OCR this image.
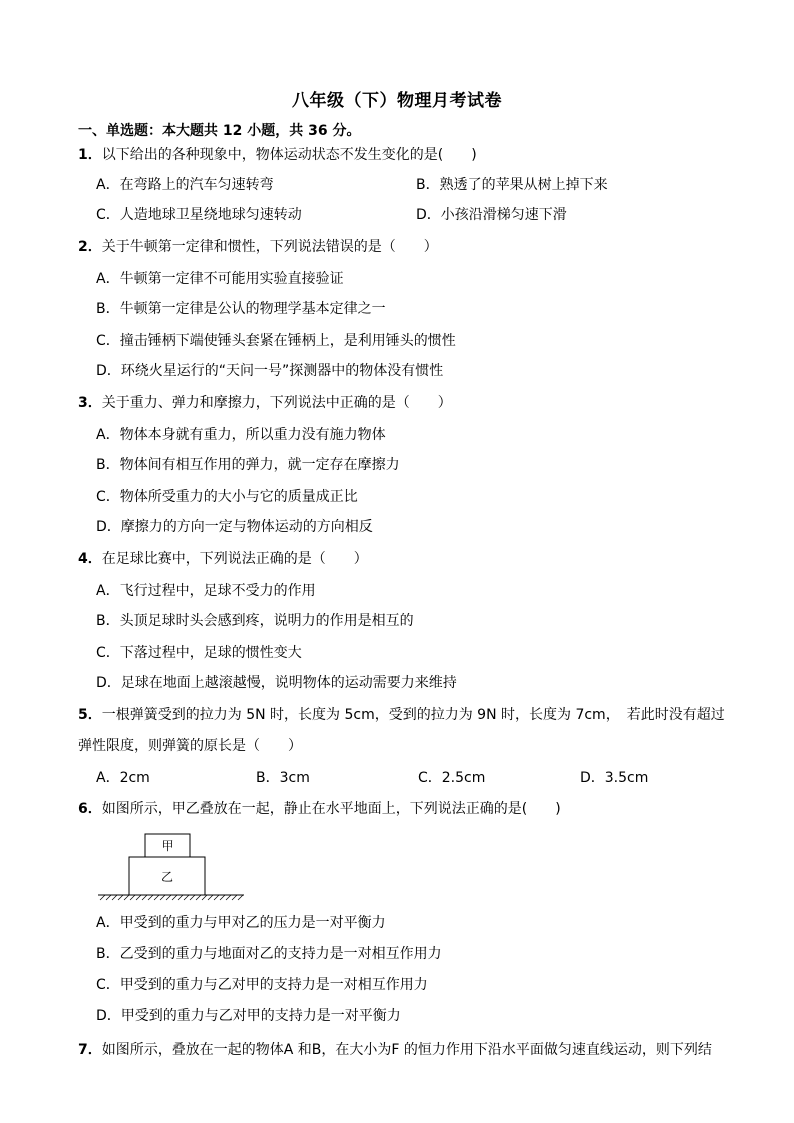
八年级（下）物理月考试卷
一、单选题：本大题共 12 小题，共 36 分。
1．以下给出的各种现象中，物体运动状态不发生变化的是(　　)
A．在弯路上的汽车匀速转弯	B．熟透了的苹果从树上掉下来
C．人造地球卫星绕地球匀速转动	D．小孩沿滑梯匀速下滑
2．关于牛顿第一定律和惯性，下列说法错误的是（　　）
A．牛顿第一定律不可能用实验直接验证
B．牛顿第一定律是公认的物理学基本定律之一
C．撞击锤柄下端使锤头套紧在锤柄上，是利用锤头的惯性
D．环绕火星运行的“天问一号”探测器中的物体没有惯性
3．关于重力、弹力和摩擦力，下列说法中正确的是（　　）
A．物体本身就有重力，所以重力没有施力物体
B．物体间有相互作用的弹力，就一定存在摩擦力
C．物体所受重力的大小与它的质量成正比
D．摩擦力的方向一定与物体运动的方向相反
4．在足球比赛中，下列说法正确的是（　　）
A．飞行过程中，足球不受力的作用
B．头顶足球时头会感到疼，说明力的作用是相互的
C．下落过程中，足球的惯性变大
D．足球在地面上越滚越慢，说明物体的运动需要力来维持
5．一根弹簧受到的拉力为 5N 时，长度为 5cm，受到的拉力为 9N 时，长度为 7cm，　若此时没有超过
弹性限度，则弹簧的原长是（　　）
A．2cm	B．3cm	C．2.5cm	D．3.5cm
6．如图所示，甲乙叠放在一起，静止在水平地面上，下列说法正确的是(　　)
甲
乙
A．甲受到的重力与甲对乙的压力是一对平衡力
B．乙受到的重力与地面对乙的支持力是一对相互作用力
C．甲受到的重力与乙对甲的支持力是一对相互作用力
D．甲受到的重力与乙对甲的支持力是一对平衡力
7．如图所示，叠放在一起的物体A 和B，在大小为F 的恒力作用下沿水平面做匀速直线运动，则下列结
